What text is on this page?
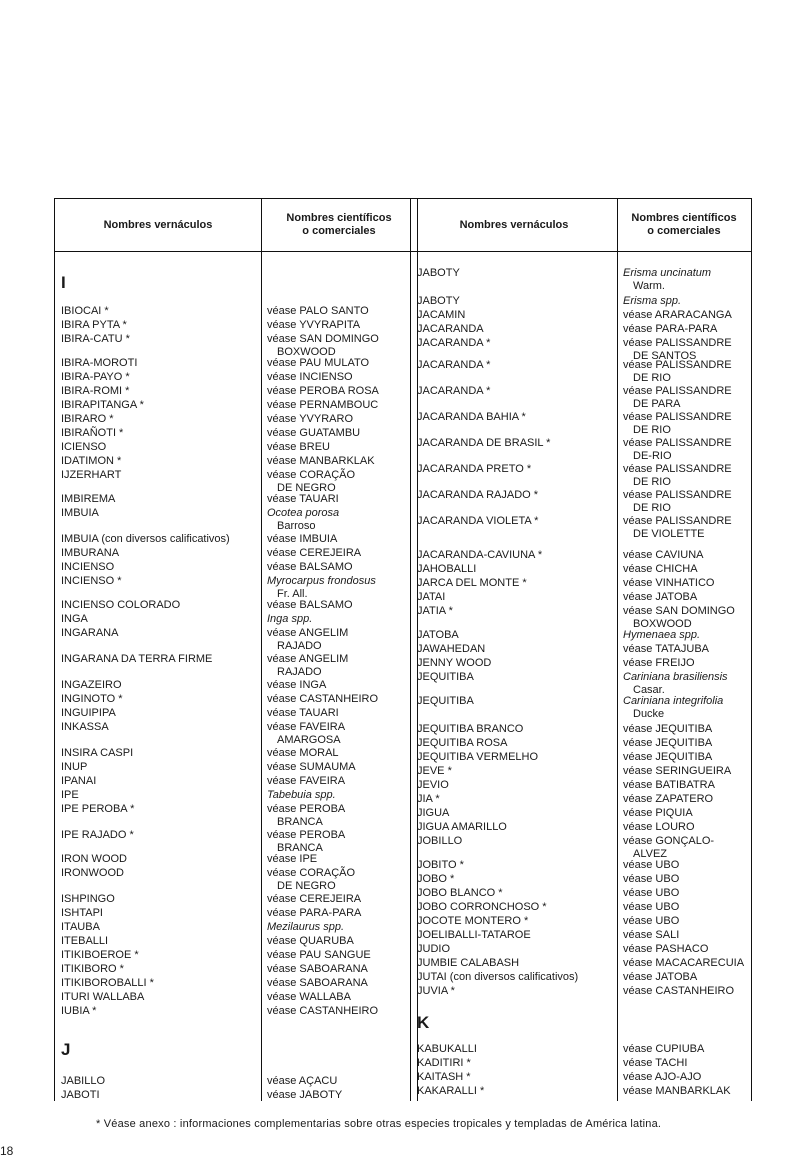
Nombres vernáculos
Nombres científicos
o comerciales
I
J
IBIOCAI *	véase PALO SANTO
IBIRA PYTA *	véase YVYRAPITA
IBIRA-CATU *	véase SAN DOMINGO
BOXWOOD
IBIRA-MOROTI	véase PAU MULATO
IBIRA-PAYO *	véase INCIENSO
IBIRA-ROMI *	véase PEROBA ROSA
IBIRAPITANGA *	véase PERNAMBOUC
IBIRARO *	véase YVYRARO
IBIRAÑOTI *	véase GUATAMBU
ICIENSO	véase BREU
IDATIMON *	véase MANBARKLAK
IJZERHART	véase CORAÇÃO
DE NEGRO
IMBIREMA	véase TAUARI
IMBUIA	Ocotea porosa
Barroso
IMBUIA (con diversos calificativos)	véase IMBUIA
IMBURANA	véase CEREJEIRA
INCIENSO	véase BALSAMO
INCIENSO *	Myrocarpus frondosus
Fr. All.
INCIENSO COLORADO	véase BALSAMO
INGA	Inga spp.
INGARANA	véase ANGELIM
RAJADO
INGARANA DA TERRA FIRME	véase ANGELIM
RAJADO
INGAZEIRO	véase INGA
INGINOTO *	véase CASTANHEIRO
INGUIPIPA	véase TAUARI
INKASSA	véase FAVEIRA
AMARGOSA
INSIRA CASPI	véase MORAL
INUP	véase SUMAUMA
IPANAI	véase FAVEIRA
IPE	Tabebuia spp.
IPE PEROBA *	véase PEROBA
BRANCA
IPE RAJADO *	véase PEROBA
BRANCA
IRON WOOD	véase IPE
IRONWOOD	véase CORAÇÃO
DE NEGRO
ISHPINGO	véase CEREJEIRA
ISHTAPI	véase PARA-PARA
ITAUBA	Mezilaurus spp.
ITEBALLI	véase QUARUBA
ITIKIBOEROE *	véase PAU SANGUE
ITIKIBORO *	véase SABOARANA
ITIKIBOROBALLI *	véase SABOARANA
ITURI WALLABA	véase WALLABA
IUBIA *	véase CASTANHEIRO
JABILLO	véase AÇACU
JABOTI	véase JABOTY
Nombres vernáculos
Nombres científicos
o comerciales
K
JABOTY	Erisma uncinatum
Warm.
JABOTY	Erisma spp.
JACAMIN	véase ARARACANGA
JACARANDA	véase PARA-PARA
JACARANDA *	véase PALISSANDRE
DE SANTOS
JACARANDA *	véase PALISSANDRE
DE RIO
JACARANDA *	véase PALISSANDRE
DE PARA
JACARANDA BAHIA *	véase PALISSANDRE
DE RIO
JACARANDA DE BRASIL *	véase PALISSANDRE
DE-RIO
JACARANDA PRETO *	véase PALISSANDRE
DE RIO
JACARANDA RAJADO *	véase PALISSANDRE
DE RIO
JACARANDA VIOLETA *	véase PALISSANDRE
DE VIOLETTE
JACARANDA-CAVIUNA *	véase CAVIUNA
JAHOBALLI	véase CHICHA
JARCA DEL MONTE *	véase VINHATICO
JATAI	véase JATOBA
JATIA *	véase SAN DOMINGO
BOXWOOD
JATOBA	Hymenaea spp.
JAWAHEDAN	véase TATAJUBA
JENNY WOOD	véase FREIJO
JEQUITIBA	Cariniana brasiliensis
Casar.
JEQUITIBA	Cariniana integrifolia
Ducke
JEQUITIBA BRANCO	véase JEQUITIBA
JEQUITIBA ROSA	véase JEQUITIBA
JEQUITIBA VERMELHO	véase JEQUITIBA
JEVE *	véase SERINGUEIRA
JEVIO	véase BATIBATRA
JIA *	véase ZAPATERO
JIGUA	véase PIQUIA
JIGUA AMARILLO	véase LOURO
JOBILLO	véase GONÇALO-
ALVEZ
JOBITO *	véase UBO
JOBO *	véase UBO
JOBO BLANCO *	véase UBO
JOBO CORRONCHOSO *	véase UBO
JOCOTE MONTERO *	véase UBO
JOELIBALLI-TATAROE	véase SALI
JUDIO	véase PASHACO
JUMBIE CALABASH	véase MACACARECUIA
JUTAI (con diversos calificativos)	véase JATOBA
JUVIA *	véase CASTANHEIRO
KABUKALLI	véase CUPIUBA
KADITIRI *	véase TACHI
KAITASH *	véase AJO-AJO
KAKARALLI *	véase MANBARKLAK
* Véase anexo : informaciones complementarias sobre otras especies tropicales y templadas de América latina.
18
